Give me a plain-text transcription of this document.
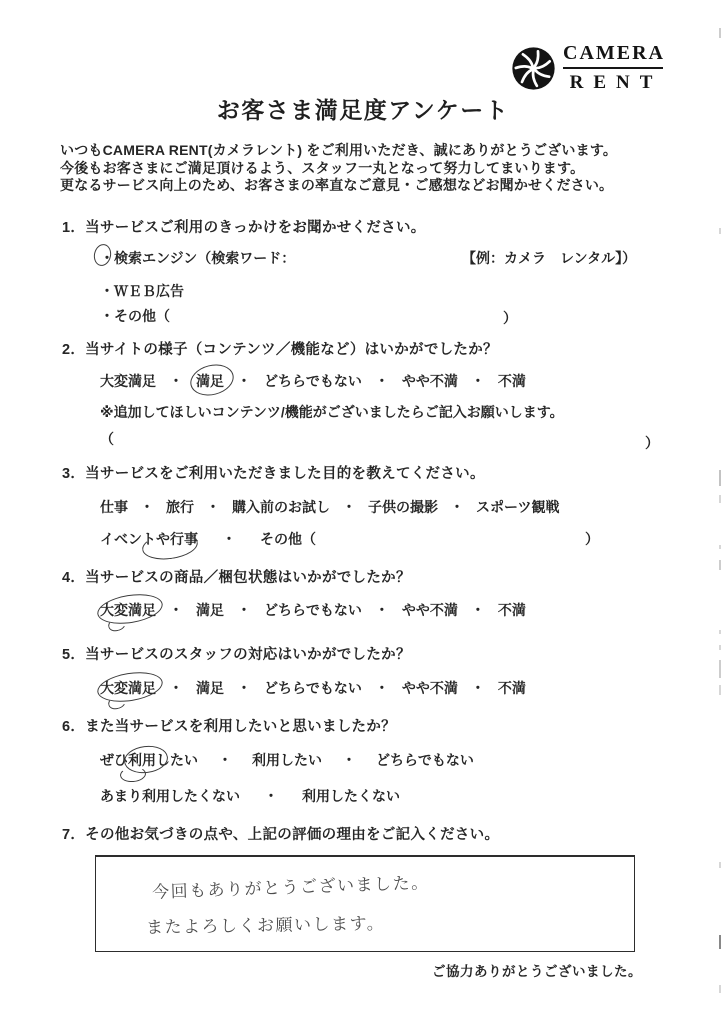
CAMERA
RENT
お客さま満足度アンケート
いつもCAMERA RENT(カメラレント) をご利用いただき、誠にありがとうございます。
今後もお客さまにご満足頂けるよう、スタッフ一丸となって努力してまいります。
更なるサービス向上のため、お客さまの率直なご意見・ご感想などお聞かせください。
1．当サービスご利用のきっかけをお聞かせください。
・ 検索エンジン（検索ワード：	【例：カメラ　レンタル】）
・ＷＥＢ広告
・その他（	）
2．当サイトの様子（コンテンツ／機能など）はいかがでしたか？
大変満足 ・ 満足 ・ どちらでもない ・ やや不満 ・ 不満
※追加してほしいコンテンツ/機能がございましたらご記入お願いします。
（	）
3．当サービスをご利用いただきました目的を教えてください。
仕事 ・ 旅行 ・ 購入前のお試し ・ 子供の撮影 ・ スポーツ観戦
イベントや行事 ・ その他（	）
4．当サービスの商品／梱包状態はいかがでしたか？
大変満足 ・ 満足 ・ どちらでもない ・ やや不満 ・ 不満
5．当サービスのスタッフの対応はいかがでしたか？
大変満足 ・ 満足 ・ どちらでもない ・ やや不満 ・ 不満
6．また当サービスを利用したいと思いましたか？
ぜひ利用したい ・ 利用したい ・ どちらでもない
あまり利用したくない ・ 利用したくない
7．その他お気づきの点や、上記の評価の理由をご記入ください。
今回もありがとうございました。
またよろしくお願いします。
ご協力ありがとうございました。
